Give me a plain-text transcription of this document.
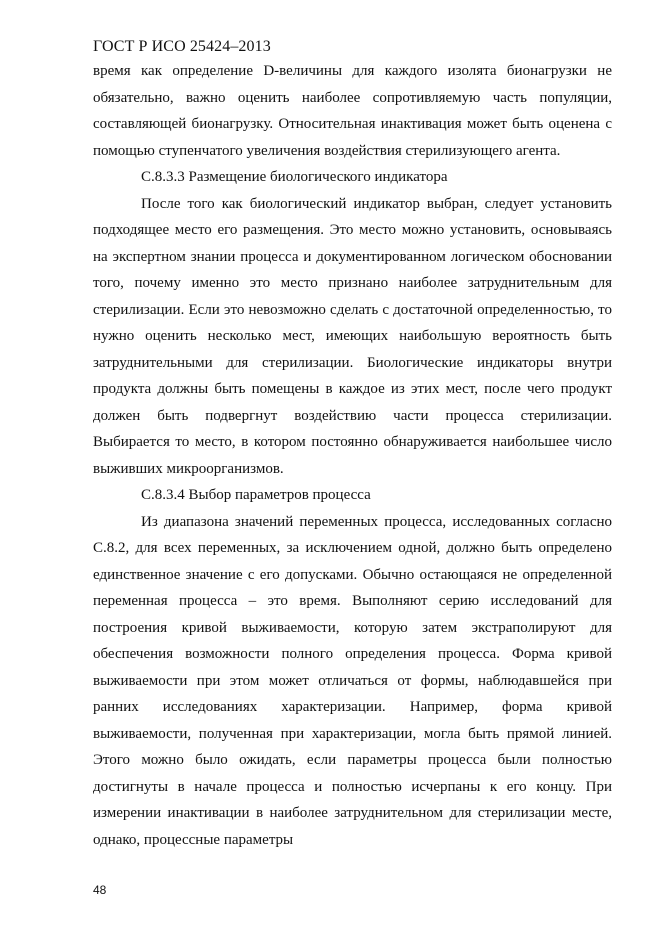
ГОСТ Р ИСО 25424–2013

время как определение D-величины для каждого изолята бионагрузки не обязательно, важно оценить наиболее сопротивляемую часть популяции, составляющей бионагрузку. Относительная инактивация может быть оценена с помощью ступенчатого увеличения воздействия стерилизующего агента.

С.8.3.3 Размещение биологического индикатора

После того как биологический индикатор выбран, следует установить подходящее место его размещения. Это место можно установить, основываясь на экспертном знании процесса и документированном логическом обосновании того, почему именно это место признано наиболее затруднительным для стерилизации. Если это невозможно сделать с достаточной определенностью, то нужно оценить несколько мест, имеющих наибольшую вероятность быть затруднительными для стерилизации. Биологические индикаторы внутри продукта должны быть помещены в каждое из этих мест, после чего продукт должен быть подвергнут воздействию части процесса стерилизации. Выбирается то место, в котором постоянно обнаруживается наибольшее число выживших микроорганизмов.

С.8.3.4 Выбор параметров процесса

Из диапазона значений переменных процесса, исследованных согласно С.8.2, для всех переменных, за исключением одной, должно быть определено единственное значение с его допусками. Обычно остающаяся не определенной переменная процесса – это время. Выполняют серию исследований для построения кривой выживаемости, которую затем экстраполируют для обеспечения возможности полного определения процесса. Форма кривой выживаемости при этом может отличаться от формы, наблюдавшейся при ранних исследованиях характеризации. Например, форма кривой выживаемости, полученная при характеризации, могла быть прямой линией. Этого можно было ожидать, если параметры процесса были полностью достигнуты в начале процесса и полностью исчерпаны к его концу. При измерении инактивации в наиболее затруднительном для стерилизации месте, однако, процессные параметры

48
